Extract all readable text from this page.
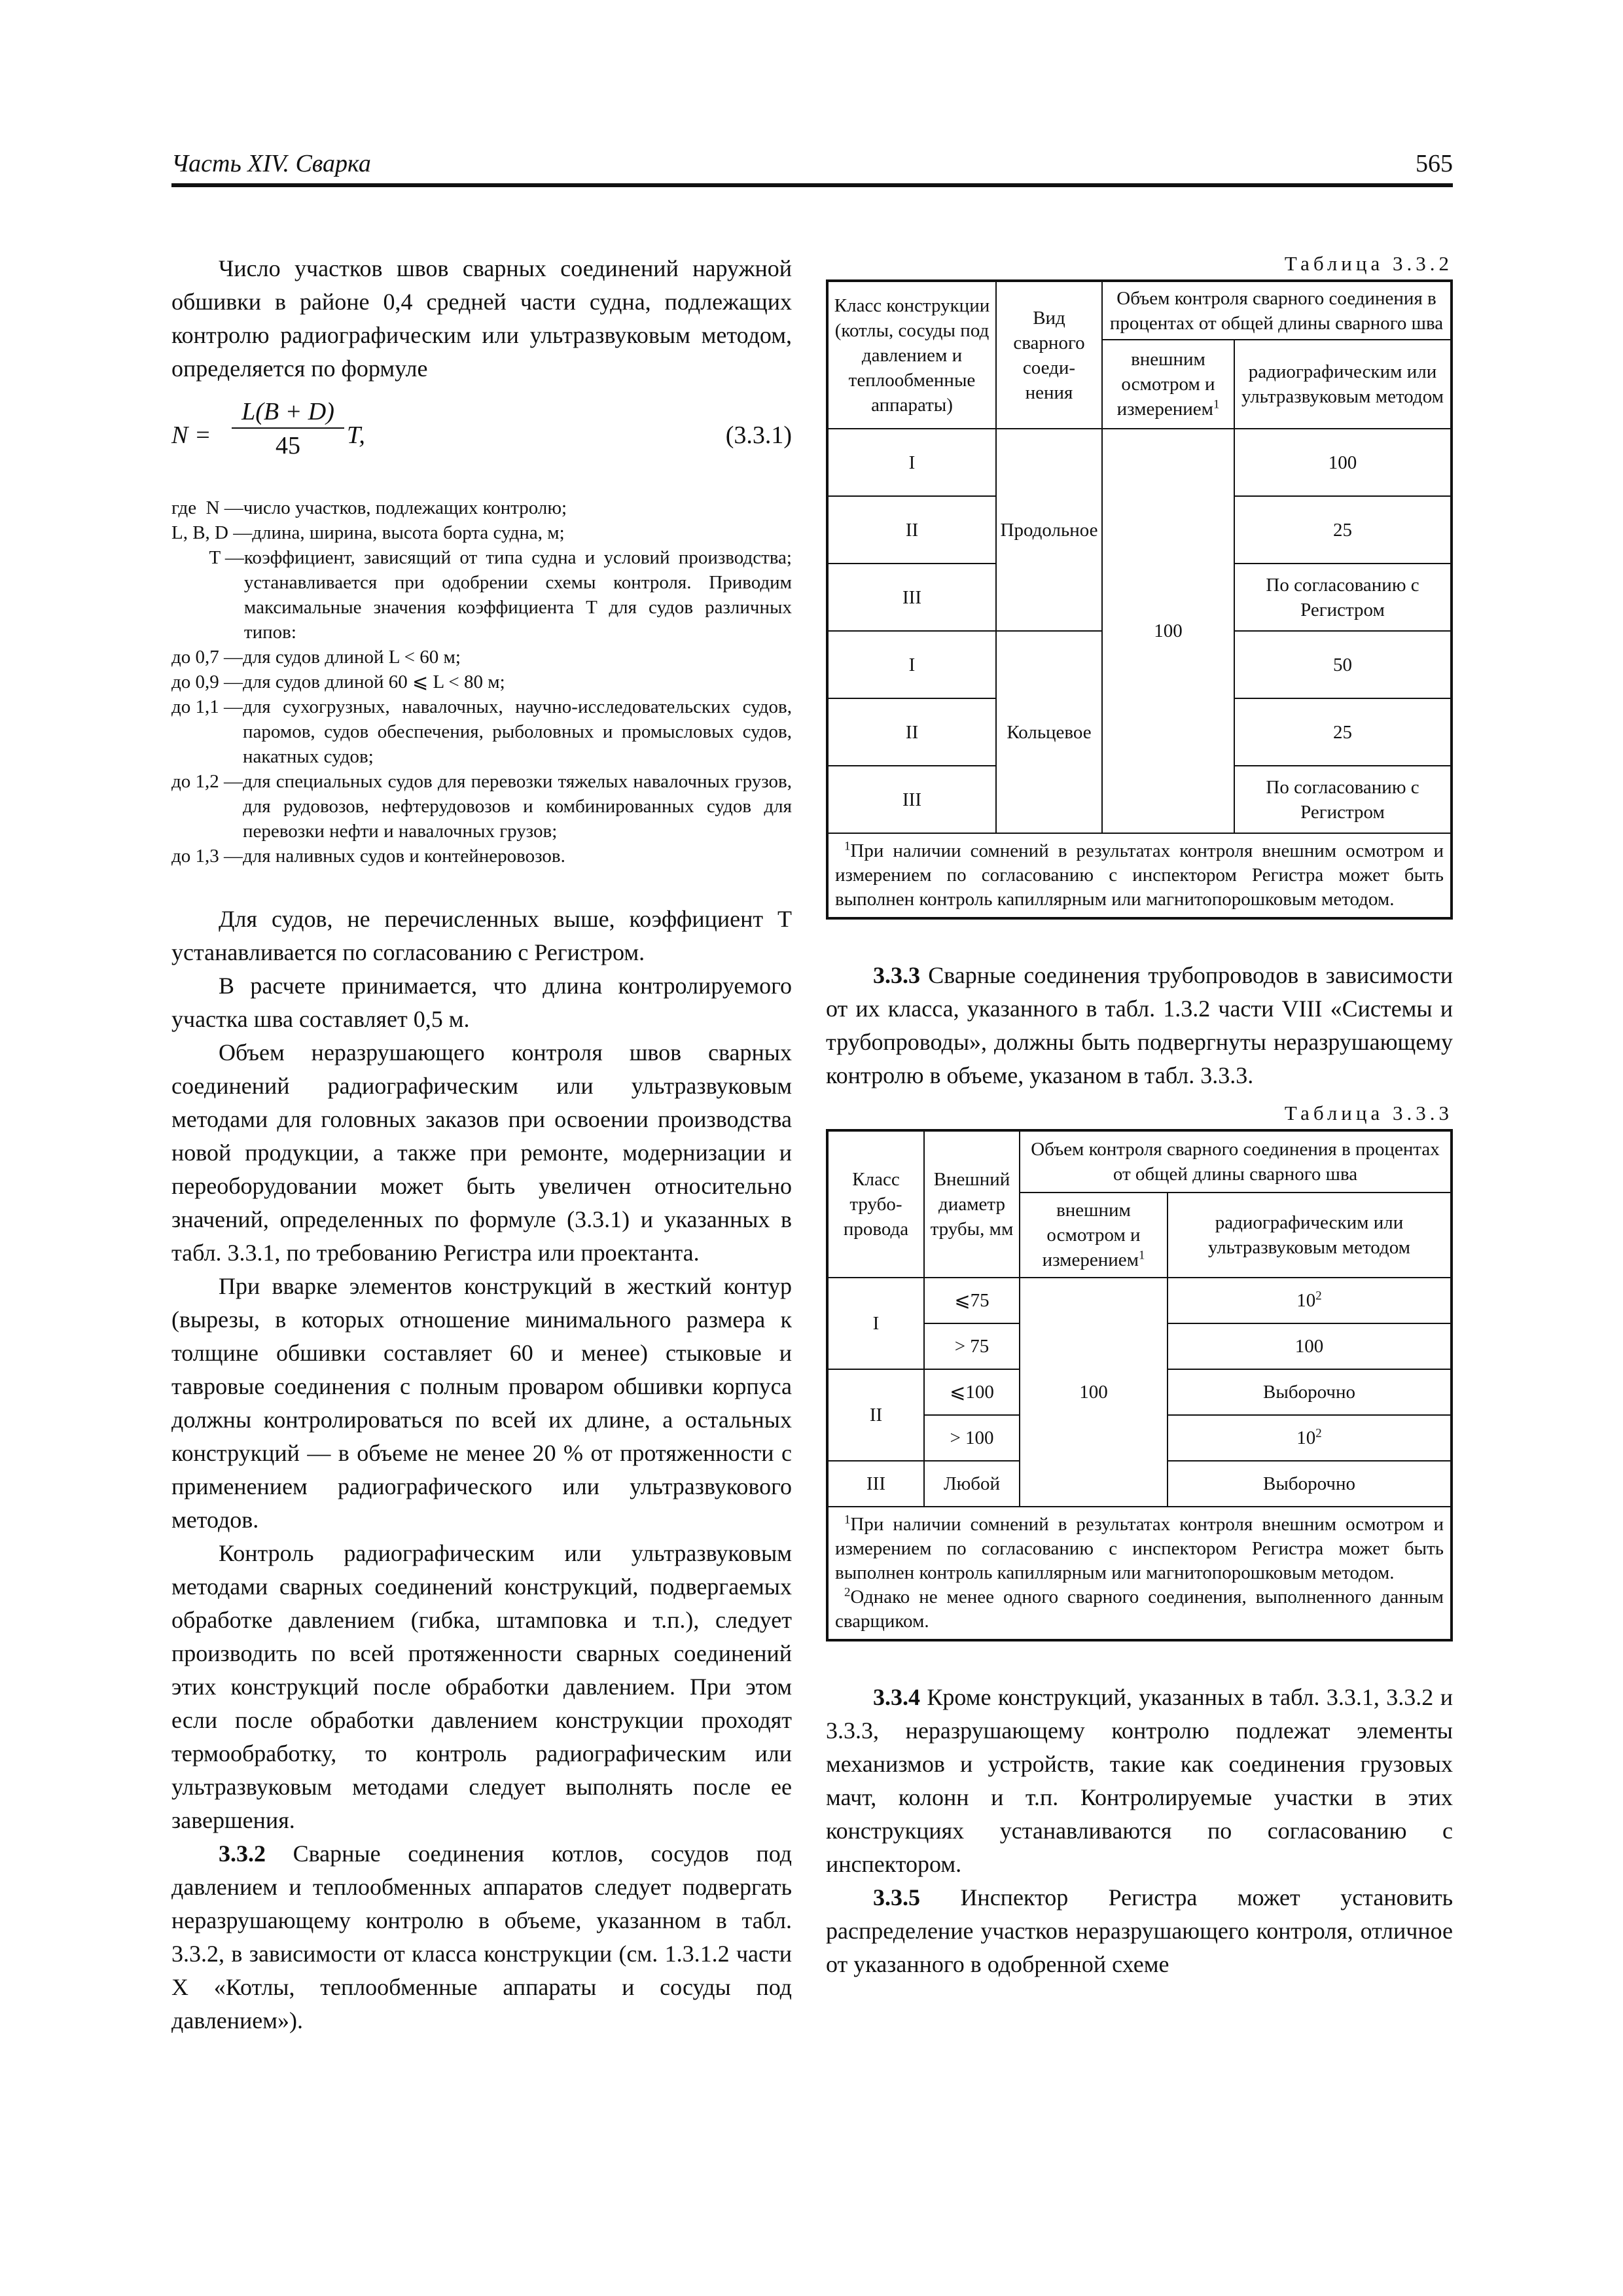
Часть XIV. Сварка	565

Число участков швов сварных соединений наружной обшивки в районе 0,4 средней части судна, подлежащих контролю радиографическим или ультразвуковым методом, определяется по формуле

$N = \frac{L(B + D)}{45} T$,	(3.3.1)
где  N — число участков, подлежащих контролю;
L, B, D — длина, ширина, высота борта судна, м;
T — коэффициент, зависящий от типа судна и условий производства; устанавливается при одобрении схемы контроля. Приводим максимальные значения коэффициента T для судов различных типов:
до 0,7 — для судов длиной L < 60 м;
до 0,9 — для судов длиной 60 ⩽ L < 80 м;
до 1,1 — для сухогрузных, навалочных, научно-исследовательских судов, паромов, судов обеспечения, рыболовных и промысловых судов, накатных судов;
до 1,2 — для специальных судов для перевозки тяжелых навалочных грузов, для рудовозов, нефтерудовозов и комбинированных судов для перевозки нефти и навалочных грузов;
до 1,3 — для наливных судов и контейнеровозов.

Для судов, не перечисленных выше, коэффициент T устанавливается по согласованию с Регистром.

В расчете принимается, что длина контролируемого участка шва составляет 0,5 м.

Объем неразрушающего контроля швов сварных соединений радиографическим или ультразвуковым методами для головных заказов при освоении производства новой продукции, а также при ремонте, модернизации и переоборудовании может быть увеличен относительно значений, определенных по формуле (3.3.1) и указанных в табл. 3.3.1, по требованию Регистра или проектанта.

При вварке элементов конструкций в жесткий контур (вырезы, в которых отношение минимального размера к толщине обшивки составляет 60 и менее) стыковые и тавровые соединения с полным проваром обшивки корпуса должны контролироваться по всей их длине, а остальных конструкций — в объеме не менее 20 % от протяженности с применением радиографического или ультразвукового методов.

Контроль радиографическим или ультразвуковым методами сварных соединений конструкций, подвергаемых обработке давлением (гибка, штамповка и т.п.), следует производить по всей протяженности сварных соединений этих конструкций после обработки давлением. При этом если после обработки давлением конструкции проходят термообработку, то контроль радиографическим или ультразвуковым методами следует выполнять после ее завершения.

3.3.2 Сварные соединения котлов, сосудов под давлением и теплообменных аппаратов следует подвергать неразрушающему контролю в объеме, указанном в табл. 3.3.2, в зависимости от класса конструкции (см. 1.3.1.2 части X «Котлы, теплообменные аппараты и сосуды под давлением»).

Таблица 3.3.2
Класс конструкции (котлы, сосуды под давлением и теплообменные аппараты)	Вид сварного соеди-нения	Объем контроля сварного соединения в процентах от общей длины сварного шва	
		внешним осмотром и измерением$^1$	радиографическим или ультразвуковым методом
I	Продольное	100	100
II			25
III			По согласованию с Регистром
I	Кольцевое		50
II			25
III			По согласованию с Регистром

$^1$При наличии сомнений в результатах контроля внешним осмотром и измерением по согласованию с инспектором Регистра может быть выполнен контроль капиллярным или магнитопорошковым методом.			

3.3.3 Сварные соединения трубопроводов в зависимости от их класса, указанного в табл. 1.3.2 части VIII «Системы и трубопроводы», должны быть подвергнуты неразрушающему контролю в объеме, указаном в табл. 3.3.3.

Таблица 3.3.3
Класс трубо-провода	Внешний диаметр трубы, мм	Объем контроля сварного соединения в процентах от общей длины сварного шва	
		внешним осмотром и измерением$^1$	радиографическим или ультразвуковым методом
I	⩽75	100	$10^2$
	> 75		100
II	⩽100		Выборочно
	> 100		$10^2$
III	Любой		Выборочно

$^1$При наличии сомнений в результатах контроля внешним осмотром и измерением по согласованию с инспектором Регистра может быть выполнен контроль капиллярным или магнитопорошковым методом.
$^2$Однако не менее одного сварного соединения, выполненного данным сварщиком.			

3.3.4 Кроме конструкций, указанных в табл. 3.3.1, 3.3.2 и 3.3.3, неразрушающему контролю подлежат элементы механизмов и устройств, такие как соединения грузовых мачт, колонн и т.п. Контролируемые участки в этих конструкциях устанавливаются по согласованию с инспектором.

3.3.5 Инспектор Регистра может установить распределение участков неразрушающего контроля, отличное от указанного в одобренной схеме
